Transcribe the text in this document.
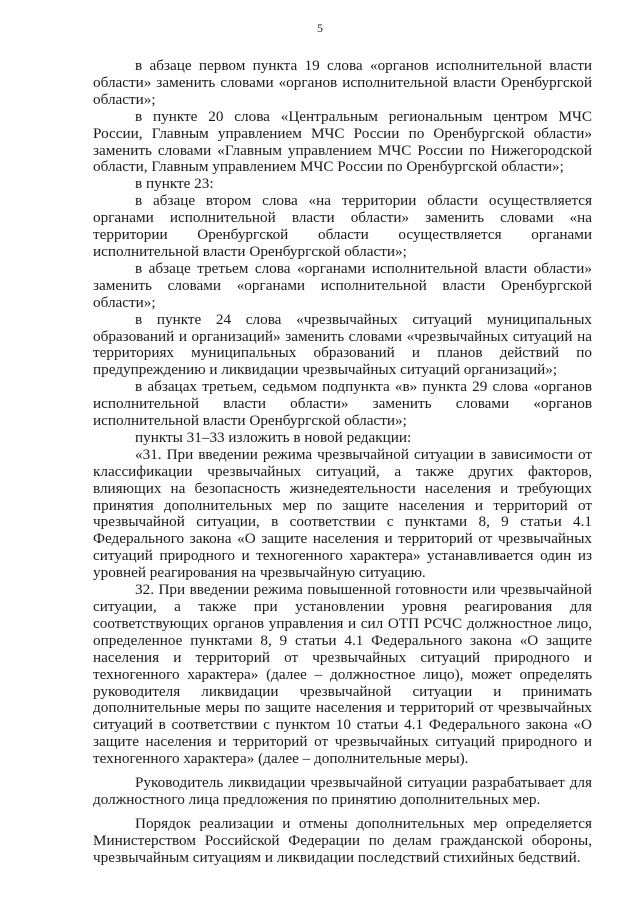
5

в абзаце первом пункта 19 слова «органов исполнительной власти области» заменить словами «органов исполнительной власти Оренбургской области»;

в пункте 20 слова «Центральным региональным центром МЧС России, Главным управлением МЧС России по Оренбургской области» заменить словами «Главным управлением МЧС России по Нижегородской области, Главным управлением МЧС России по Оренбургской области»;

в пункте 23:

в абзаце втором слова «на территории области осуществляется органами исполнительной власти области» заменить словами «на территории Оренбургской области осуществляется органами исполнительной власти Оренбургской области»;

в абзаце третьем слова «органами исполнительной власти области» заменить словами «органами исполнительной власти Оренбургской области»;

в пункте 24 слова «чрезвычайных ситуаций муниципальных образований и организаций» заменить словами «чрезвычайных ситуаций на территориях муниципальных образований и планов действий по предупреждению и ликвидации чрезвычайных ситуаций организаций»;

в абзацах третьем, седьмом подпункта «в» пункта 29 слова «органов исполнительной власти области» заменить словами «органов исполнительной власти Оренбургской области»;

пункты 31–33 изложить в новой редакции:

«31. При введении режима чрезвычайной ситуации в зависимости от классификации чрезвычайных ситуаций, а также других факторов, влияющих на безопасность жизнедеятельности населения и требующих принятия дополнительных мер по защите населения и территорий от чрезвычайной ситуации, в соответствии с пунктами 8, 9 статьи 4.1 Федерального закона «О защите населения и территорий от чрезвычайных ситуаций природного и техногенного характера» устанавливается один из уровней реагирования на чрезвычайную ситуацию.

32. При введении режима повышенной готовности или чрезвычайной ситуации, а также при установлении уровня реагирования для соответствующих органов управления и сил ОТП РСЧС должностное лицо, определенное пунктами 8, 9 статьи 4.1 Федерального закона «О защите населения и территорий от чрезвычайных ситуаций природного и техногенного характера» (далее – должностное лицо), может определять руководителя ликвидации чрезвычайной ситуации и принимать дополнительные меры по защите населения и территорий от чрезвычайных ситуаций в соответствии с пунктом 10 статьи 4.1 Федерального закона «О защите населения и территорий от чрезвычайных ситуаций природного и техногенного характера» (далее – дополнительные меры).

Руководитель ликвидации чрезвычайной ситуации разрабатывает для должностного лица предложения по принятию дополнительных мер.

Порядок реализации и отмены дополнительных мер определяется Министерством Российской Федерации по делам гражданской обороны, чрезвычайным ситуациям и ликвидации последствий стихийных бедствий.
